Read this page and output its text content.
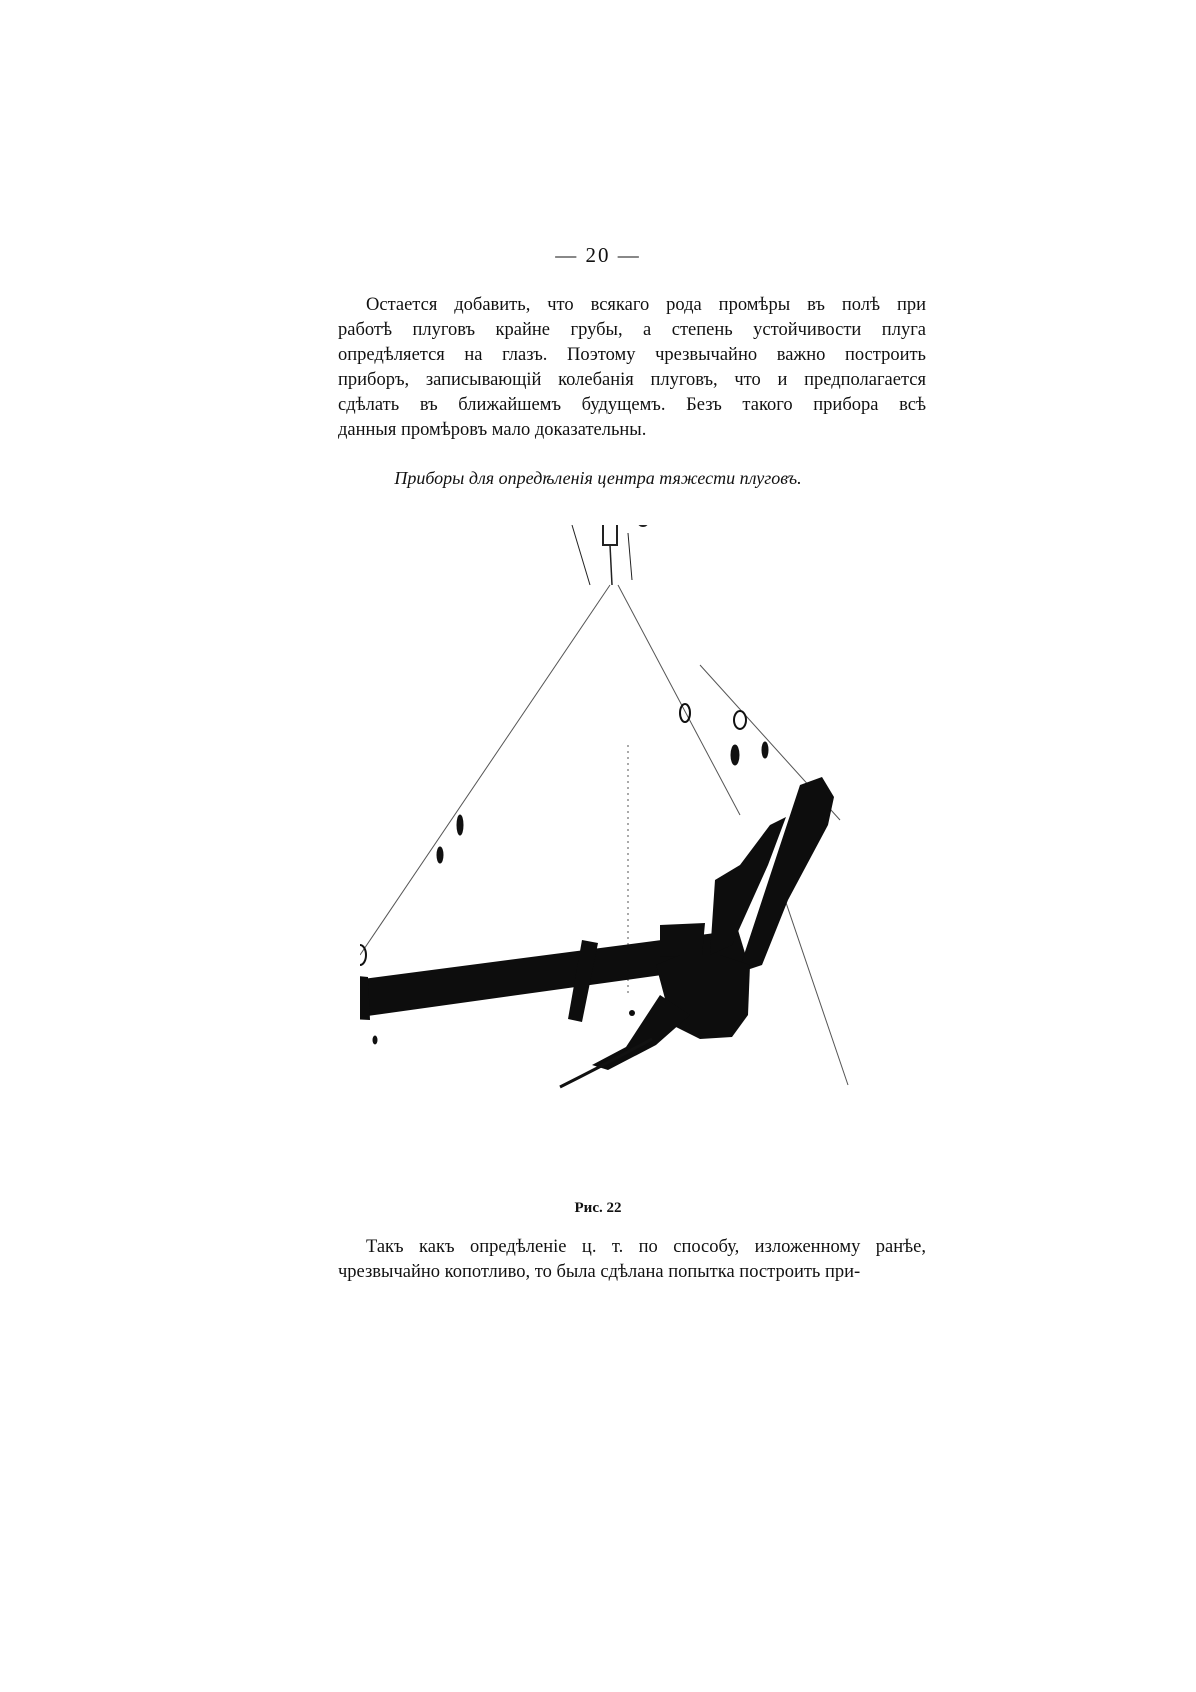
— 20 —
Остается добавить, что всякаго рода промѣры въ полѣ при
работѣ плуговъ крайне грубы, а степень устойчивости плуга
опредѣляется на глазъ. Поэтому чрезвычайно важно построить
приборъ, записывающій колебанія плуговъ, что и предполагается
сдѣлать въ ближайшемъ будущемъ. Безъ такого прибора всѣ
данныя промѣровъ мало доказательны.
Приборы для опредѣленія центра тяжести плуговъ.
Рис. 22
Такъ какъ опредѣленіе ц. т. по способу, изложенному ранѣе,
чрезвычайно копотливо, то была сдѣлана попытка построить при-
